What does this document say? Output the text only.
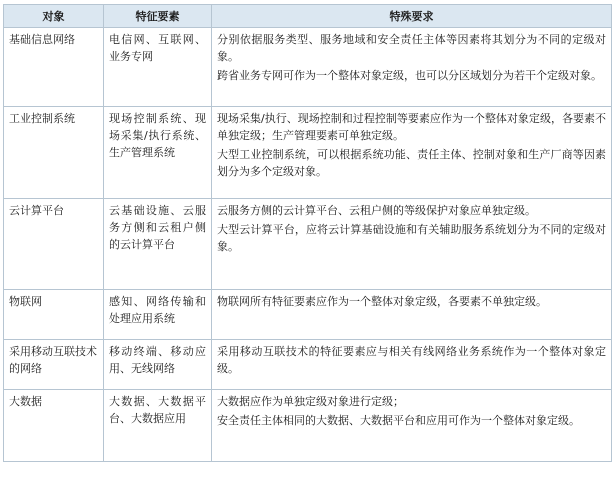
对象	特征要素	特殊要求
基础信息网络	电信网、互联网、业务专网	分别依据服务类型、服务地域和安全责任主体等因素将其划分为不同的定级对象。

跨省业务专网可作为一个整体对象定级，也可以分区域划分为若干个定级对象。

工业控制系统	现场控制系统、现场采集/执行系统、生产管理系统	现场采集/执行、现场控制和过程控制等要素应作为一个整体对象定级，各要素不单独定级；生产管理要素可单独定级。

大型工业控制系统，可以根据系统功能、责任主体、控制对象和生产厂商等因素划分为多个定级对象。

云计算平台	云基础设施、云服务方侧和云租户侧的云计算平台	云服务方侧的云计算平台、云租户侧的等级保护对象应单独定级。

大型云计算平台，应将云计算基础设施和有关辅助服务系统划分为不同的定级对象。

物联网	感知、网络传输和处理应用系统	物联网所有特征要素应作为一个整体对象定级，各要素不单独定级。

采用移动互联技术的网络	移动终端、移动应用、无线网络	采用移动互联技术的特征要素应与相关有线网络业务系统作为一个整体对象定级。

大数据	大数据、大数据平台、大数据应用	大数据应作为单独定级对象进行定级；

安全责任主体相同的大数据、大数据平台和应用可作为一个整体对象定级。
